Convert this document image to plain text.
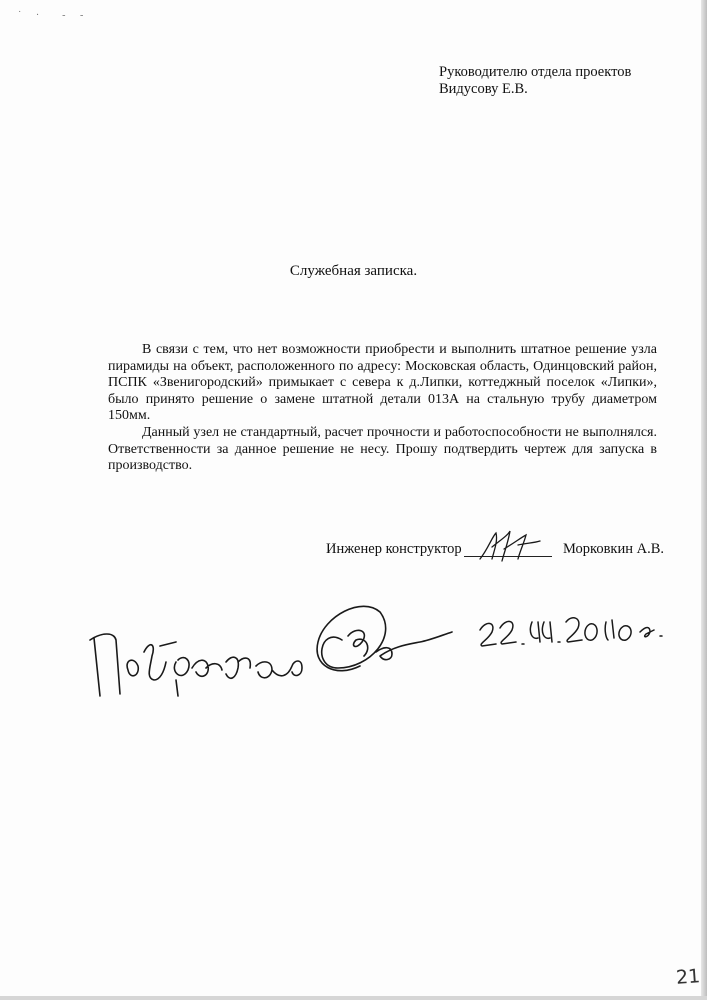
˙ ·  - -
Руководителю отдела проектов
Видусову Е.В.
Служебная записка.

В связи с тем, что нет возможности приобрести и выполнить штатное решение узла пирамиды на объект, расположенного по адресу: Московская область, Одинцовский район, ПСПК «Звенигородский» примыкает с севера к д.Липки, коттеджный поселок «Липки», было принято решение о замене штатной детали 013А на стальную трубу диаметром 150мм.

Данный узел не стандартный, расчет прочности и работоспособности не выполнялся. Ответственности за данное решение не несу. Прошу подтвердить чертеж для запуска в производство.

Инженер конструктор	Морковкин А.В.
21
